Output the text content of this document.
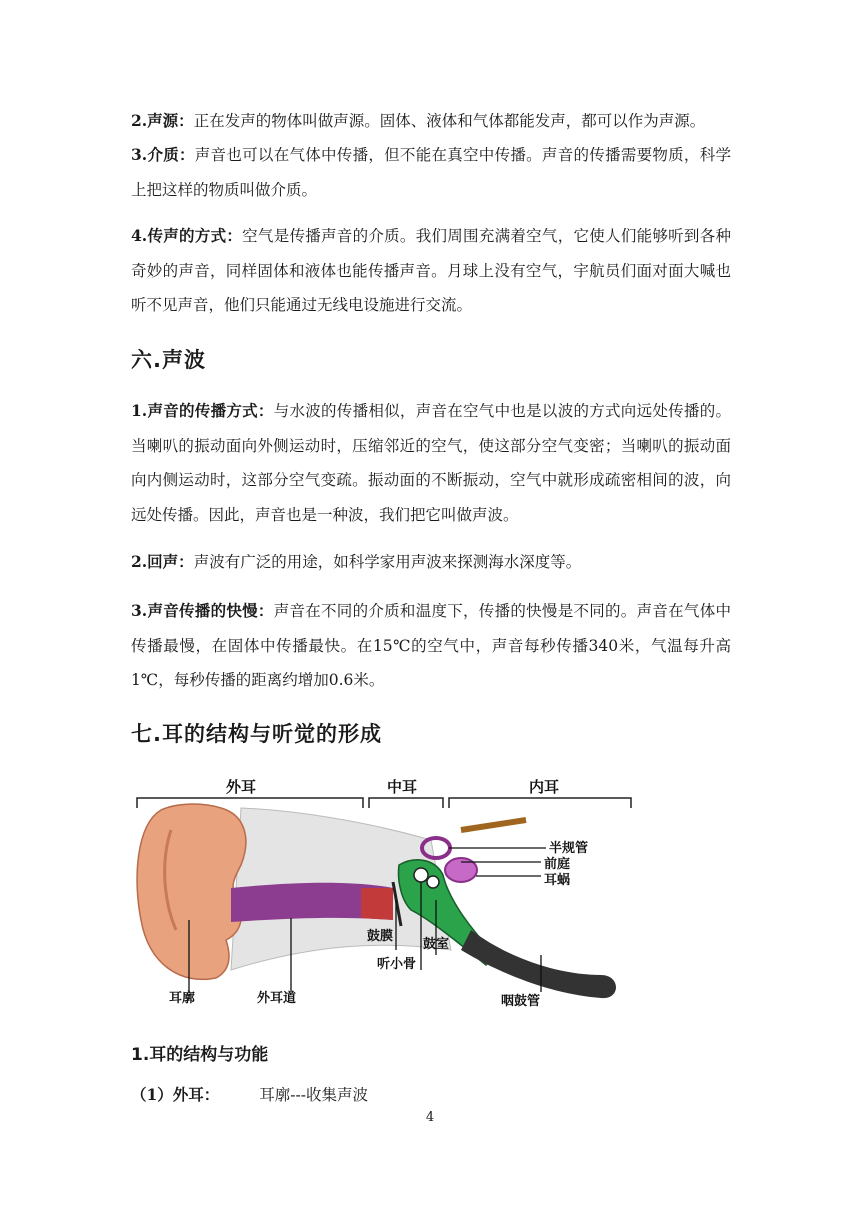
2.声源：正在发声的物体叫做声源。固体、液体和气体都能发声，都可以作为声源。

3.介质：声音也可以在气体中传播，但不能在真空中传播。声音的传播需要物质，科学上把这样的物质叫做介质。

4.传声的方式：空气是传播声音的介质。我们周围充满着空气，它使人们能够听到各种奇妙的声音，同样固体和液体也能传播声音。月球上没有空气，宇航员们面对面大喊也听不见声音，他们只能通过无线电设施进行交流。

六.声波

1.声音的传播方式：与水波的传播相似，声音在空气中也是以波的方式向远处传播的。当喇叭的振动面向外侧运动时，压缩邻近的空气，使这部分空气变密；当喇叭的振动面向内侧运动时，这部分空气变疏。振动面的不断振动，空气中就形成疏密相间的波，向远处传播。因此，声音也是一种波，我们把它叫做声波。

2.回声：声波有广泛的用途，如科学家用声波来探测海水深度等。

3.声音传播的快慢：声音在不同的介质和温度下，传播的快慢是不同的。声音在气体中传播最慢，在固体中传播最快。在15℃的空气中，声音每秒传播340米，气温每升高1℃，每秒传播的距离约增加0.6米。

七.耳的结构与听觉的形成
外耳	中耳	内耳
半规管
前庭
耳蜗
鼓膜
鼓室
听小骨
耳廓	外耳道	咽鼓管
1.耳的结构与功能

（1）外耳：	耳廓---收集声波

4
